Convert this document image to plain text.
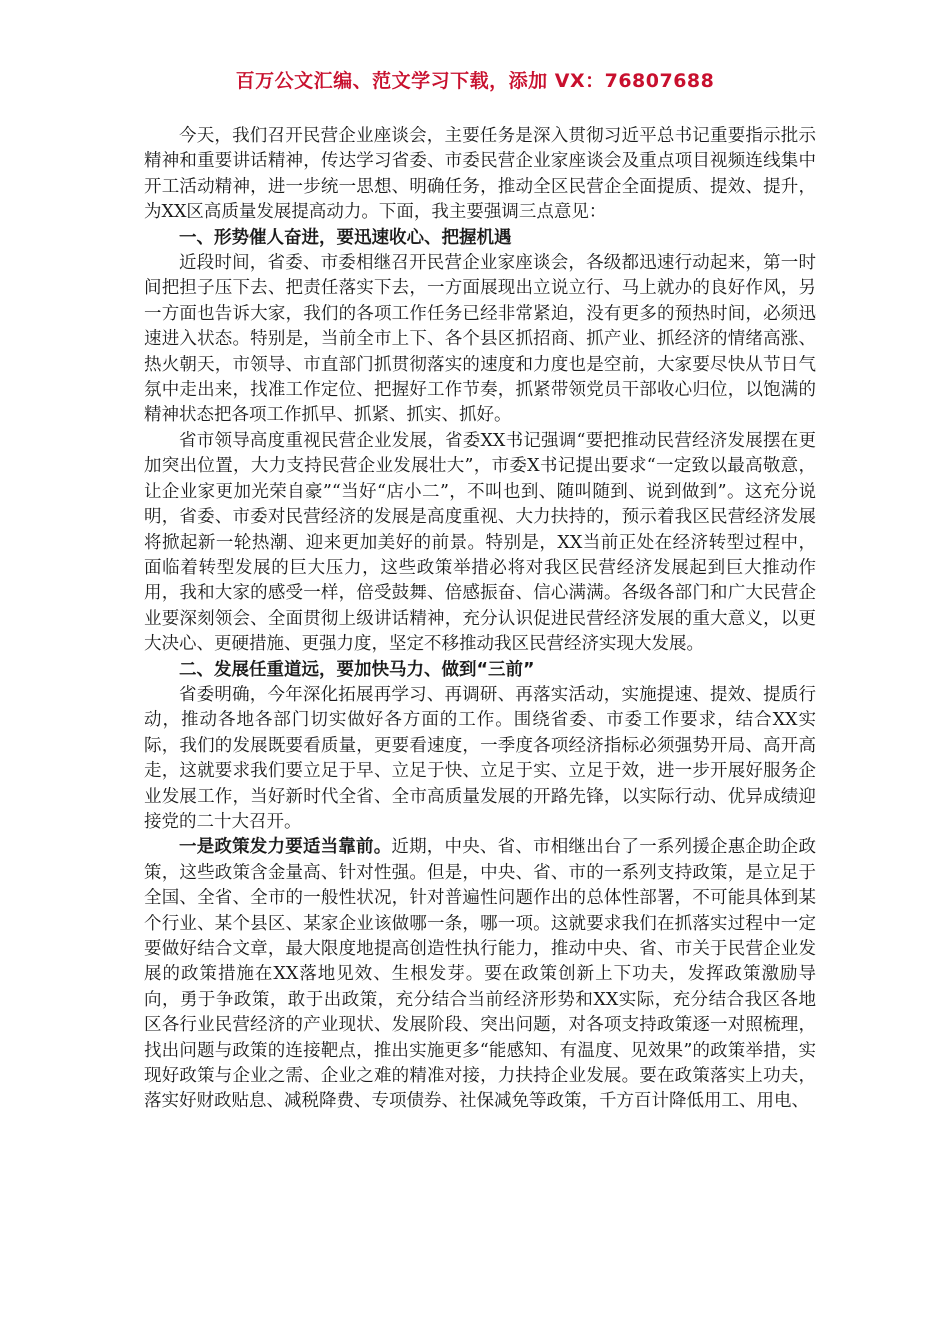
百万公文汇编、范文学习下载，添加 VX：76807688

今天，我们召开民营企业座谈会，主要任务是深入贯彻习近平总书记重要指示批示精神和重要讲话精神，传达学习省委、市委民营企业家座谈会及重点项目视频连线集中开工活动精神，进一步统一思想、明确任务，推动全区民营企全面提质、提效、提升，为XX区高质量发展提高动力。下面，我主要强调三点意见：

一、形势催人奋进，要迅速收心、把握机遇

近段时间，省委、市委相继召开民营企业家座谈会，各级都迅速行动起来，第一时间把担子压下去、把责任落实下去，一方面展现出立说立行、马上就办的良好作风，另一方面也告诉大家，我们的各项工作任务已经非常紧迫，没有更多的预热时间，必须迅速进入状态。特别是，当前全市上下、各个县区抓招商、抓产业、抓经济的情绪高涨、热火朝天，市领导、市直部门抓贯彻落实的速度和力度也是空前，大家要尽快从节日气氛中走出来，找准工作定位、把握好工作节奏，抓紧带领党员干部收心归位，以饱满的精神状态把各项工作抓早、抓紧、抓实、抓好。

省市领导高度重视民营企业发展，省委XX书记强调“要把推动民营经济发展摆在更加突出位置，大力支持民营企业发展壮大”，市委X书记提出要求“一定致以最高敬意，让企业家更加光荣自豪”“当好“店小二”，不叫也到、随叫随到、说到做到”。这充分说明，省委、市委对民营经济的发展是高度重视、大力扶持的，预示着我区民营经济发展将掀起新一轮热潮、迎来更加美好的前景。特别是，XX当前正处在经济转型过程中，面临着转型发展的巨大压力，这些政策举措必将对我区民营经济发展起到巨大推动作用，我和大家的感受一样，倍受鼓舞、倍感振奋、信心满满。各级各部门和广大民营企业要深刻领会、全面贯彻上级讲话精神，充分认识促进民营经济发展的重大意义，以更大决心、更硬措施、更强力度，坚定不移推动我区民营经济实现大发展。

二、发展任重道远，要加快马力、做到“三前”

省委明确，今年深化拓展再学习、再调研、再落实活动，实施提速、提效、提质行动，推动各地各部门切实做好各方面的工作。围绕省委、市委工作要求，结合XX实际，我们的发展既要看质量，更要看速度，一季度各项经济指标必须强势开局、高开高走，这就要求我们要立足于早、立足于快、立足于实、立足于效，进一步开展好服务企业发展工作，当好新时代全省、全市高质量发展的开路先锋，以实际行动、优异成绩迎接党的二十大召开。

一是政策发力要适当靠前。近期，中央、省、市相继出台了一系列援企惠企助企政策，这些政策含金量高、针对性强。但是，中央、省、市的一系列支持政策，是立足于全国、全省、全市的一般性状况，针对普遍性问题作出的总体性部署，不可能具体到某个行业、某个县区、某家企业该做哪一条，哪一项。这就要求我们在抓落实过程中一定要做好结合文章，最大限度地提高创造性执行能力，推动中央、省、市关于民营企业发展的政策措施在XX落地见效、生根发芽。要在政策创新上下功夫，发挥政策激励导向，勇于争政策，敢于出政策，充分结合当前经济形势和XX实际，充分结合我区各地区各行业民营经济的产业现状、发展阶段、突出问题，对各项支持政策逐一对照梳理，找出问题与政策的连接靶点，推出实施更多“能感知、有温度、见效果”的政策举措，实现好政策与企业之需、企业之难的精准对接，力扶持企业发展。要在政策落实上功夫，落实好财政贴息、减税降费、专项债券、社保减免等政策，千方百计降低用工、用电、
